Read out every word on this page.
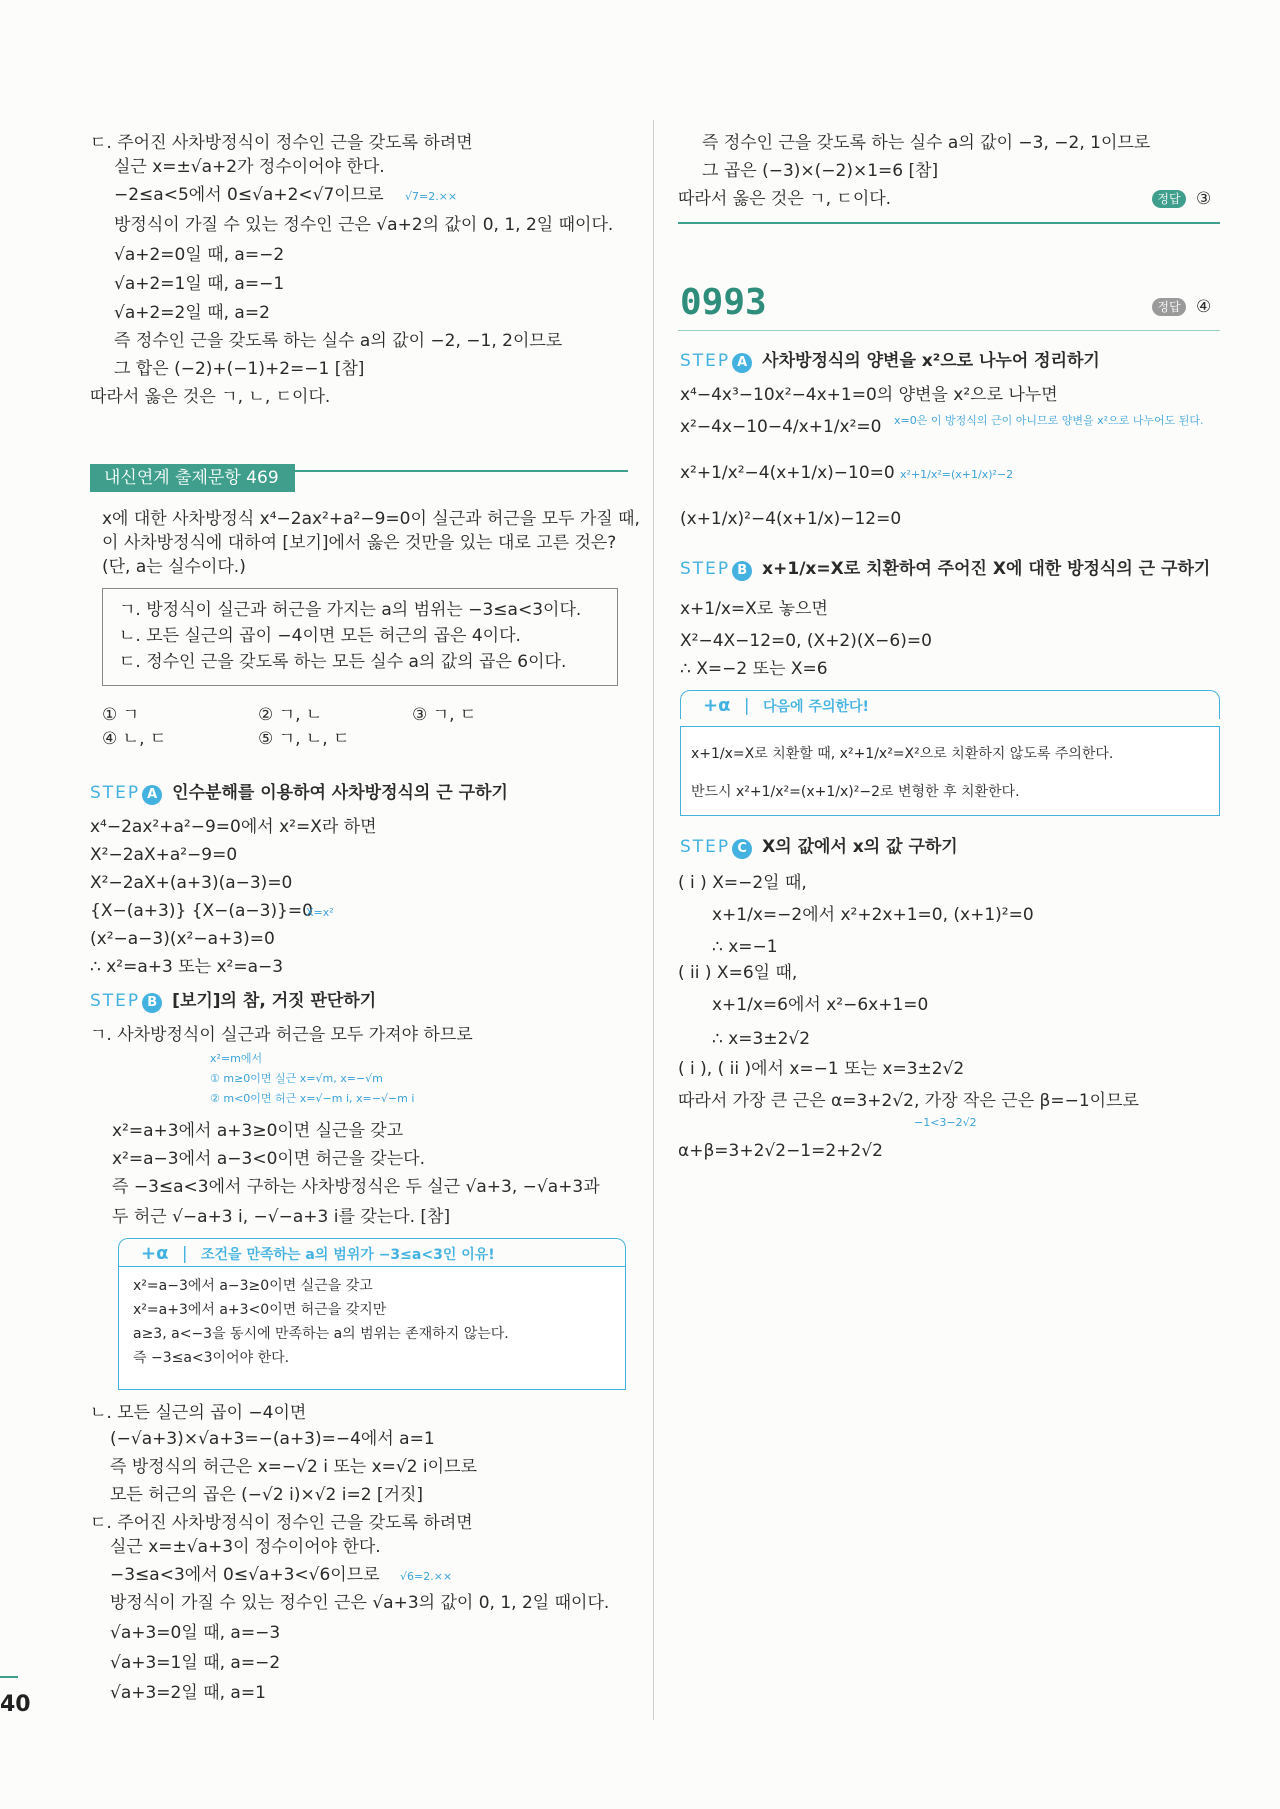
ㄷ. 주어진 사차방정식이 정수인 근을 갖도록 하려면
실근 x=±√a+2가 정수이어야 한다.
−2≤a<5에서 0≤√a+2<√7이므로 √7=2.××
방정식이 가질 수 있는 정수인 근은 √a+2의 값이 0, 1, 2일 때이다.
√a+2=0일 때, a=−2
√a+2=1일 때, a=−1
√a+2=2일 때, a=2
즉 정수인 근을 갖도록 하는 실수 a의 값이 −2, −1, 2이므로
그 합은 (−2)+(−1)+2=−1 [참]
따라서 옳은 것은 ㄱ, ㄴ, ㄷ이다.
내신연계 출제문항 469
x에 대한 사차방정식 x⁴−2ax²+a²−9=0이 실근과 허근을 모두 가질 때,
이 사차방정식에 대하여 [보기]에서 옳은 것만을 있는 대로 고른 것은?
(단, a는 실수이다.)
ㄱ. 방정식이 실근과 허근을 가지는 a의 범위는 −3≤a<3이다.
ㄴ. 모든 실근의 곱이 −4이면 모든 허근의 곱은 4이다.
ㄷ. 정수인 근을 갖도록 하는 모든 실수 a의 값의 곱은 6이다.
① ㄱ	② ㄱ, ㄴ	③ ㄱ, ㄷ
④ ㄴ, ㄷ	⑤ ㄱ, ㄴ, ㄷ
STEP A 인수분해를 이용하여 사차방정식의 근 구하기
x⁴−2ax²+a²−9=0에서 x²=X라 하면
X²−2aX+a²−9=0
X²−2aX+(a+3)(a−3)=0
{X−(a+3)} {X−(a−3)}=0
X=x²
(x²−a−3)(x²−a+3)=0
∴ x²=a+3 또는 x²=a−3
STEP B [보기]의 참, 거짓 판단하기
ㄱ. 사차방정식이 실근과 허근을 모두 가져야 하므로
x²=m에서
① m≥0이면 실근 x=√m, x=−√m
② m<0이면 허근 x=√−m i, x=−√−m i
x²=a+3에서 a+3≥0이면 실근을 갖고
x²=a−3에서 a−3<0이면 허근을 갖는다.
즉 −3≤a<3에서 구하는 사차방정식은 두 실근 √a+3, −√a+3과
두 허근 √−a+3 i, −√−a+3 i를 갖는다. [참]
+α | 조건을 만족하는 a의 범위가 −3≤a<3인 이유!
x²=a−3에서 a−3≥0이면 실근을 갖고
x²=a+3에서 a+3<0이면 허근을 갖지만
a≥3, a<−3을 동시에 만족하는 a의 범위는 존재하지 않는다.
즉 −3≤a<3이어야 한다.
ㄴ. 모든 실근의 곱이 −4이면
(−√a+3)×√a+3=−(a+3)=−4에서 a=1
즉 방정식의 허근은 x=−√2 i 또는 x=√2 i이므로
모든 허근의 곱은 (−√2 i)×√2 i=2 [거짓]
ㄷ. 주어진 사차방정식이 정수인 근을 갖도록 하려면
실근 x=±√a+3이 정수이어야 한다.
−3≤a<3에서 0≤√a+3<√6이므로 √6=2.××
방정식이 가질 수 있는 정수인 근은 √a+3의 값이 0, 1, 2일 때이다.
√a+3=0일 때, a=−3
√a+3=1일 때, a=−2
√a+3=2일 때, a=1
40
즉 정수인 근을 갖도록 하는 실수 a의 값이 −3, −2, 1이므로
그 곱은 (−3)×(−2)×1=6 [참]
따라서 옳은 것은 ㄱ, ㄷ이다.	정답 ③
0993	정답 ④
STEP A 사차방정식의 양변을 x²으로 나누어 정리하기
x⁴−4x³−10x²−4x+1=0의 양변을 x²으로 나누면
x²−4x−10−4/x+1/x²=0 x=0은 이 방정식의 근이 아니므로 양변을 x²으로 나누어도 된다.
x²+1/x²−4(x+1/x)−10=0 x²+1/x²=(x+1/x)²−2
(x+1/x)²−4(x+1/x)−12=0
STEP B x+1/x=X로 치환하여 주어진 X에 대한 방정식의 근 구하기
x+1/x=X로 놓으면
X²−4X−12=0, (X+2)(X−6)=0
∴ X=−2 또는 X=6
+α | 다음에 주의한다!
x+1/x=X로 치환할 때, x²+1/x²=X²으로 치환하지 않도록 주의한다.
반드시 x²+1/x²=(x+1/x)²−2로 변형한 후 치환한다.
STEP C X의 값에서 x의 값 구하기
( i ) X=−2일 때,
x+1/x=−2에서 x²+2x+1=0, (x+1)²=0
∴ x=−1
( ii ) X=6일 때,
x+1/x=6에서 x²−6x+1=0
∴ x=3±2√2
( i ), ( ii )에서 x=−1 또는 x=3±2√2
따라서 가장 큰 근은 α=3+2√2, 가장 작은 근은 β=−1이므로
−1<3−2√2
α+β=3+2√2−1=2+2√2
